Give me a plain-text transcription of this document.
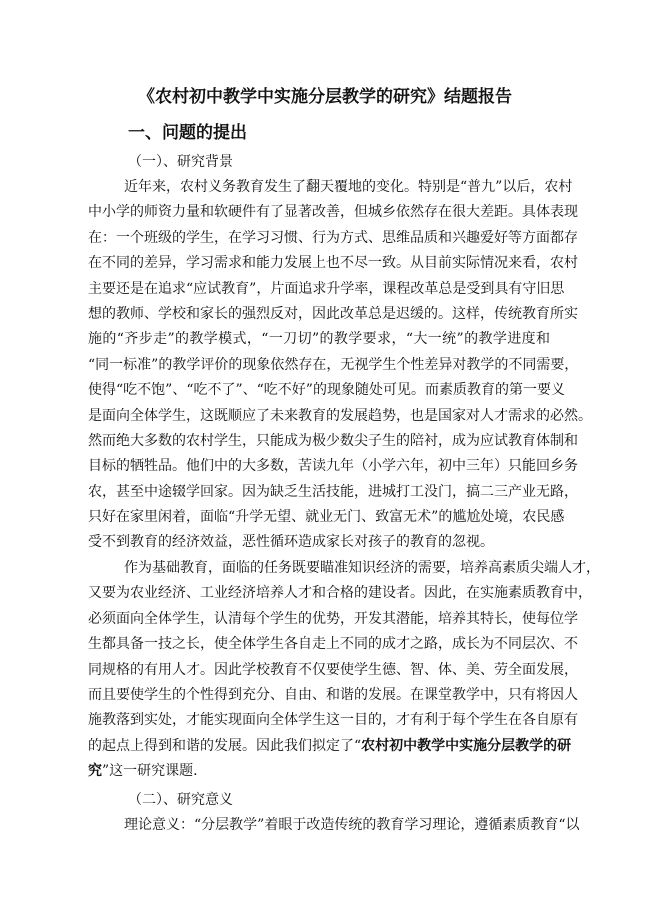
《农村初中教学中实施分层教学的研究》结题报告
一、问题的提出
（一）、研究背景
近年来，农村义务教育发生了翻天覆地的变化。特别是“普九”以后，农村
中小学的师资力量和软硬件有了显著改善，但城乡依然存在很大差距。具体表现
在：一个班级的学生，在学习习惯、行为方式、思维品质和兴趣爱好等方面都存
在不同的差异，学习需求和能力发展上也不尽一致。从目前实际情况来看，农村
主要还是在追求“应试教育”，片面追求升学率，课程改革总是受到具有守旧思
想的教师、学校和家长的强烈反对，因此改革总是迟缓的。这样，传统教育所实
施的“齐步走”的教学模式，“一刀切”的教学要求，“大一统”的教学进度和
“同一标准”的教学评价的现象依然存在，无视学生个性差异对教学的不同需要，
使得“吃不饱”、“吃不了”、“吃不好”的现象随处可见。而素质教育的第一要义
是面向全体学生，这既顺应了未来教育的发展趋势，也是国家对人才需求的必然。
然而绝大多数的农村学生，只能成为极少数尖子生的陪衬，成为应试教育体制和
目标的牺牲品。他们中的大多数，苦读九年（小学六年，初中三年）只能回乡务
农，甚至中途辍学回家。因为缺乏生活技能，进城打工没门，搞二三产业无路，
只好在家里闲着，面临“升学无望、就业无门、致富无术”的尴尬处境，农民感
受不到教育的经济效益，恶性循环造成家长对孩子的教育的忽视。
作为基础教育，面临的任务既要瞄准知识经济的需要，培养高素质尖端人才，
又要为农业经济、工业经济培养人才和合格的建设者。因此，在实施素质教育中，
必须面向全体学生，认清每个学生的优势，开发其潜能，培养其特长，使每位学
生都具备一技之长，使全体学生各自走上不同的成才之路，成长为不同层次、不
同规格的有用人才。因此学校教育不仅要使学生德、智、体、美、劳全面发展，
而且要使学生的个性得到充分、自由、和谐的发展。在课堂教学中，只有将因人
施教落到实处，才能实现面向全体学生这一目的，才有利于每个学生在各自原有
的起点上得到和谐的发展。因此我们拟定了“农村初中教学中实施分层教学的研
究”这一研究课题.
（二）、研究意义
理论意义：“分层教学”着眼于改造传统的教育学习理论，遵循素质教育“以
